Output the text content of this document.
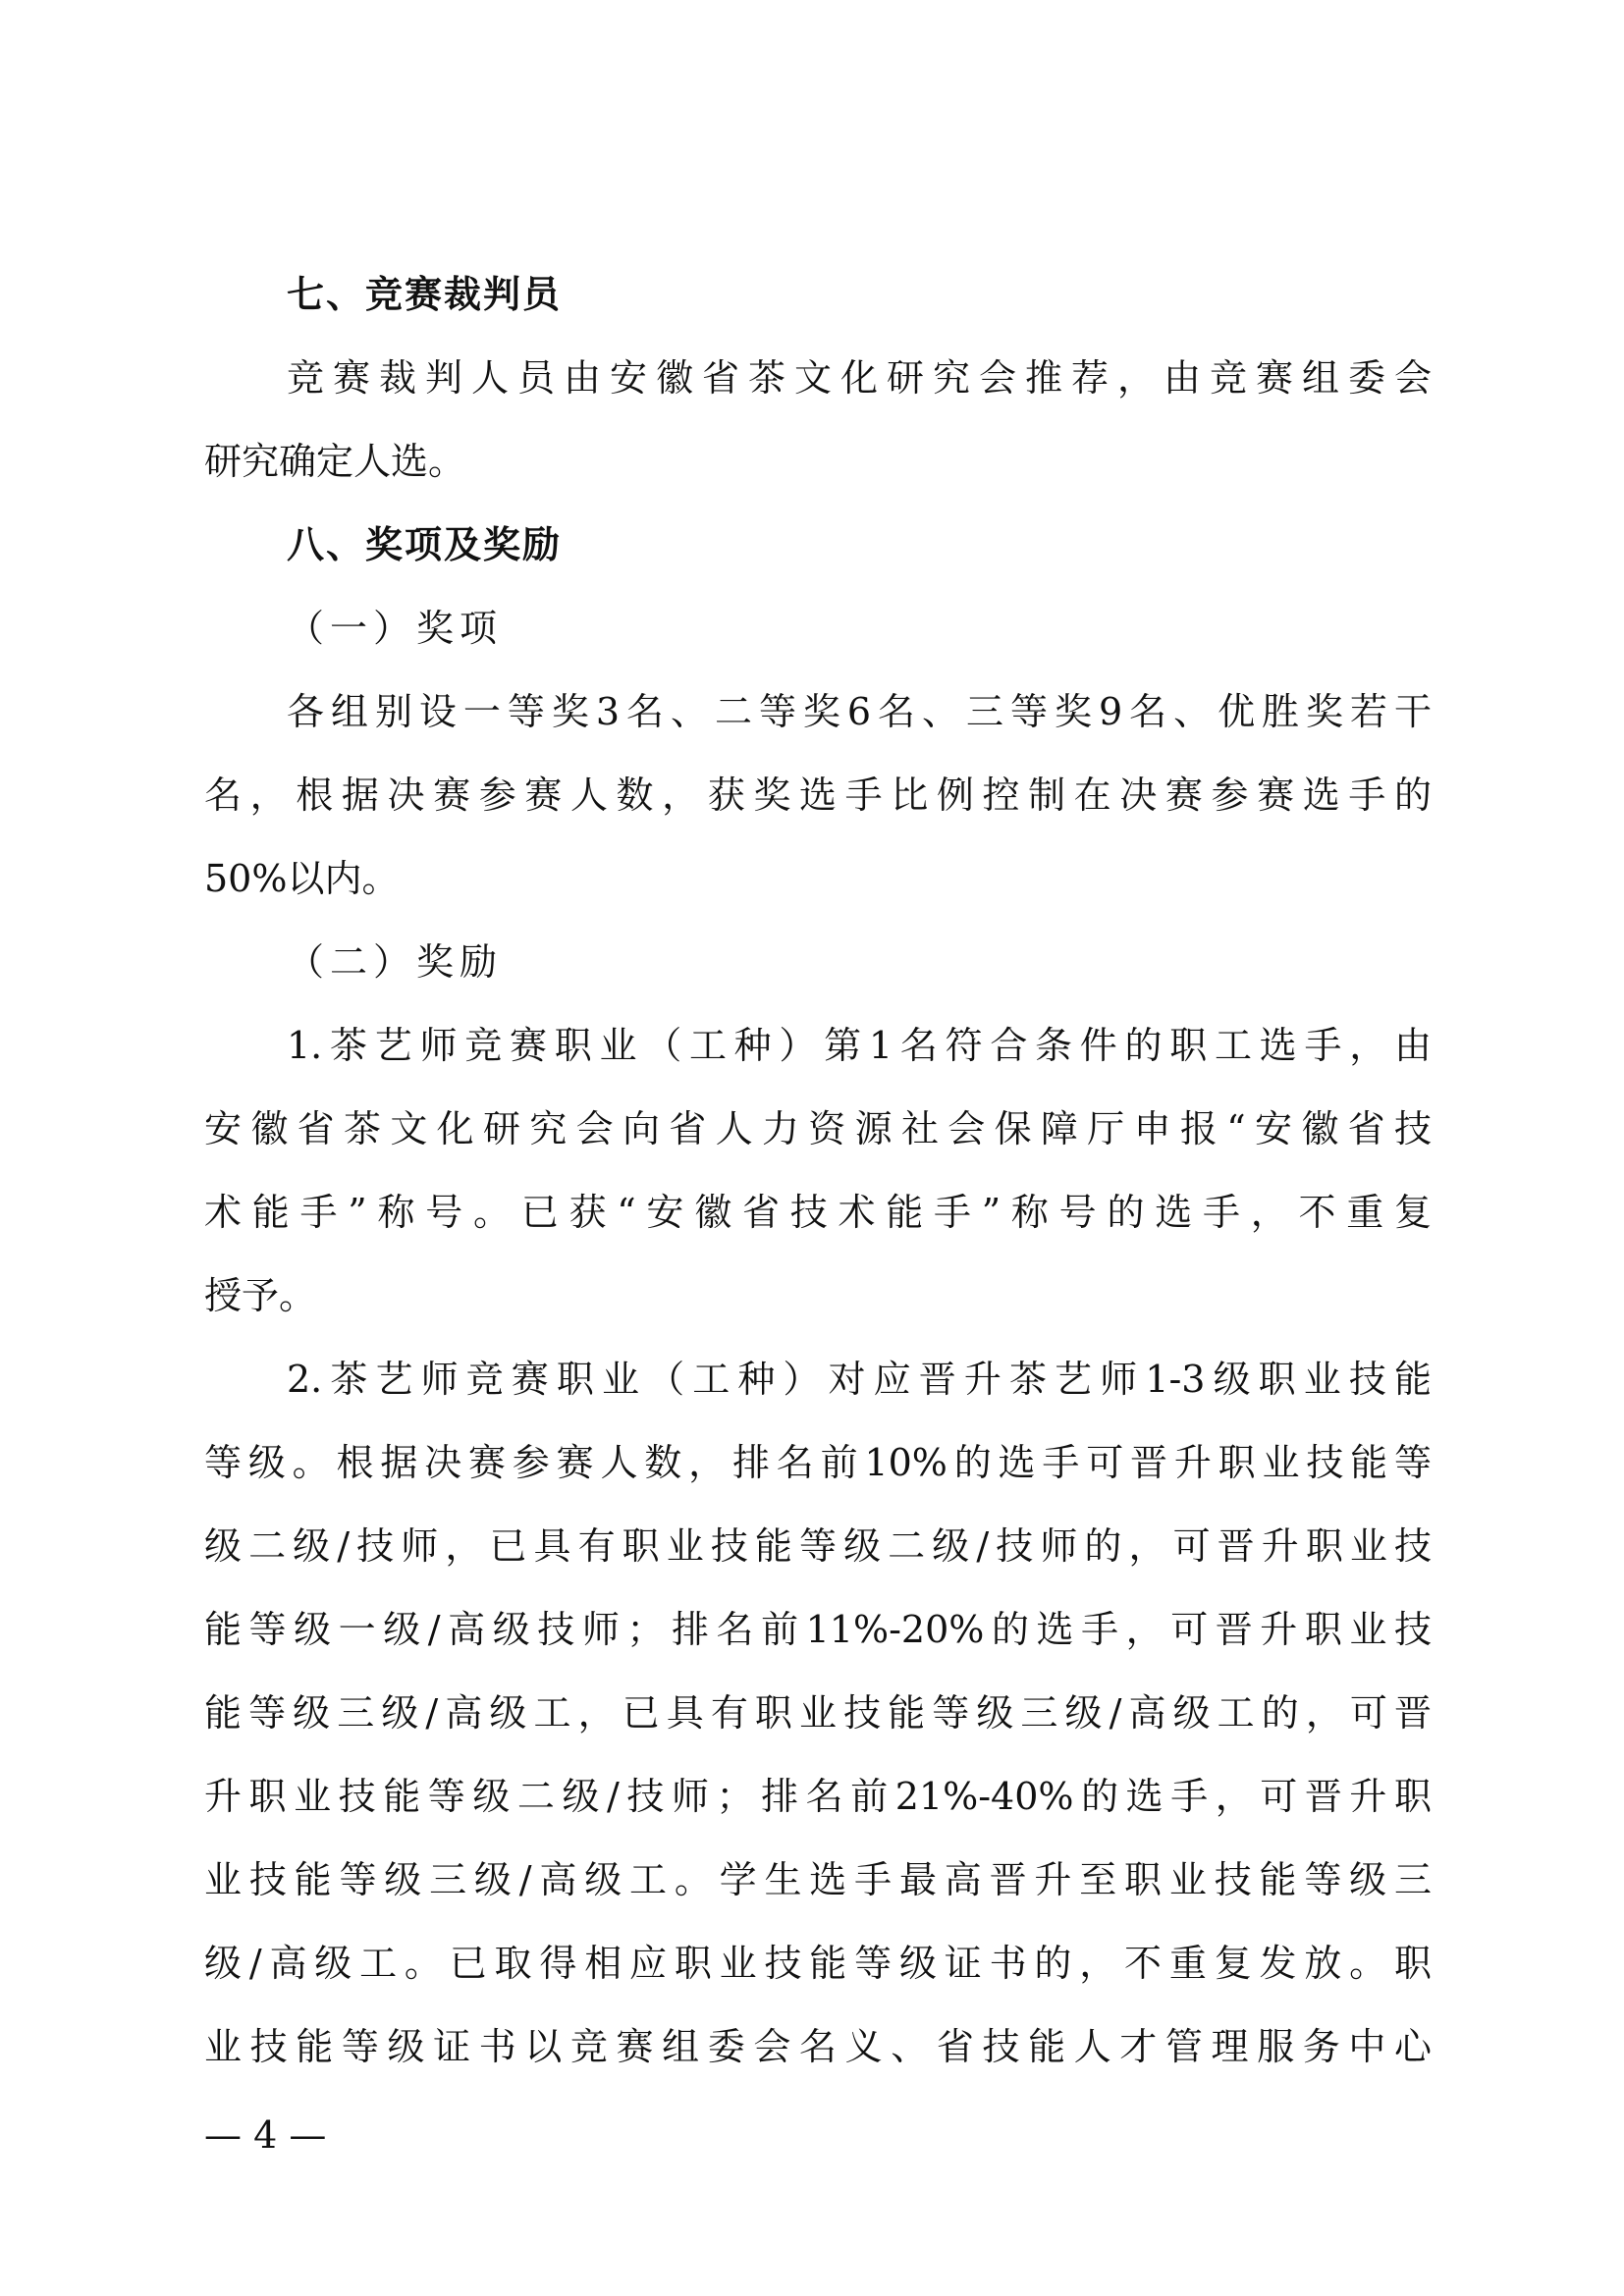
七、竞赛裁判员
竞赛裁判人员由安徽省茶文化研究会推荐，由竞赛组委会
研究确定人选。
八、奖项及奖励
（一）奖项
各组别设一等奖3名、二等奖6名、三等奖9名、优胜奖若干
名，根据决赛参赛人数，获奖选手比例控制在决赛参赛选手的
50%以内。
（二）奖励
1.茶艺师竞赛职业（工种）第1名符合条件的职工选手，由
安徽省茶文化研究会向省人力资源社会保障厅申报“安徽省技
术能手”称号。已获“安徽省技术能手”称号的选手，不重复
授予。
2.茶艺师竞赛职业（工种）对应晋升茶艺师1-3级职业技能
等级。根据决赛参赛人数，排名前10%的选手可晋升职业技能等
级二级/技师，已具有职业技能等级二级/技师的，可晋升职业技
能等级一级/高级技师；排名前11%-20%的选手，可晋升职业技
能等级三级/高级工，已具有职业技能等级三级/高级工的，可晋
升职业技能等级二级/技师；排名前21%-40%的选手，可晋升职
业技能等级三级/高级工。学生选手最高晋升至职业技能等级三
级/高级工。已取得相应职业技能等级证书的，不重复发放。职
业技能等级证书以竞赛组委会名义、省技能人才管理服务中心
— 4 —
